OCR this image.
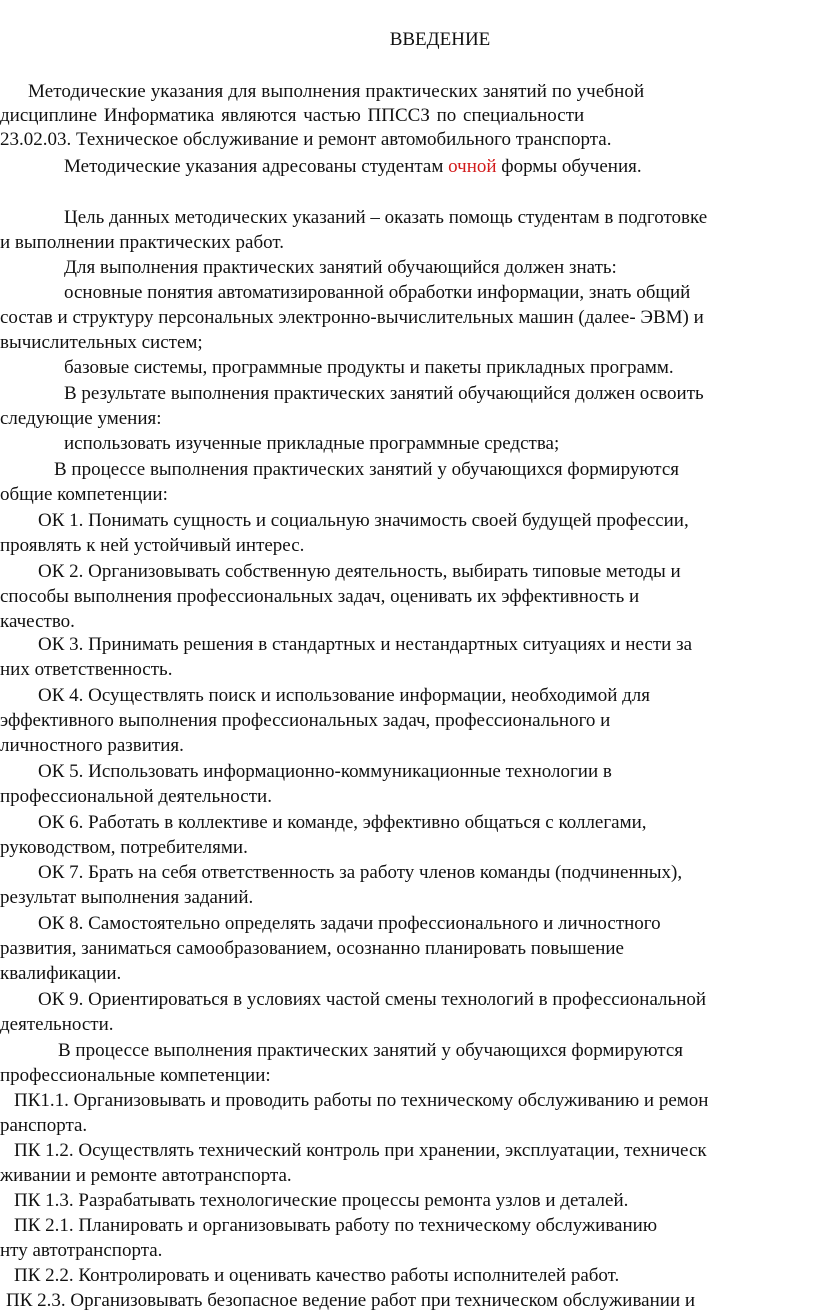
ВВЕДЕНИЕ
Методические указания для выполнения практических занятий по учебной
дисциплине Информатика являются частью ППССЗ по специальности
23.02.03. Техническое обслуживание и ремонт автомобильного транспорта.
Методические указания адресованы студентам очной формы обучения.
Цель данных методических указаний – оказать помощь студентам в подготовке
и выполнении практических работ.
Для выполнения практических занятий обучающийся должен знать:
основные понятия автоматизированной обработки информации, знать общий
состав и структуру персональных электронно-вычислительных машин (далее- ЭВМ) и
вычислительных систем;
базовые системы, программные продукты и пакеты прикладных программ.
В результате выполнения практических занятий обучающийся должен освоить
следующие умения:
использовать изученные прикладные программные средства;
В процессе выполнения практических занятий у обучающихся формируются
общие компетенции:
ОК 1. Понимать сущность и социальную значимость своей будущей профессии,
проявлять к ней устойчивый интерес.
ОК 2. Организовывать собственную деятельность, выбирать типовые методы и
способы выполнения профессиональных задач, оценивать их эффективность и
качество.
ОК 3. Принимать решения в стандартных и нестандартных ситуациях и нести за
них ответственность.
ОК 4. Осуществлять поиск и использование информации, необходимой для
эффективного выполнения профессиональных задач, профессионального и
личностного развития.
ОК 5. Использовать информационно-коммуникационные технологии в
профессиональной деятельности.
ОК 6. Работать в коллективе и команде, эффективно общаться с коллегами,
руководством, потребителями.
ОК 7. Брать на себя ответственность за работу членов команды (подчиненных),
результат выполнения заданий.
ОК 8. Самостоятельно определять задачи профессионального и личностного
развития, заниматься самообразованием, осознанно планировать повышение
квалификации.
ОК 9. Ориентироваться в условиях частой смены технологий в профессиональной
деятельности.
В процессе выполнения практических занятий у обучающихся формируются
профессиональные компетенции:
ПК1.1. Организовывать и проводить работы по техническому обслуживанию и ремон
ранспорта.
ПК 1.2. Осуществлять технический контроль при хранении, эксплуатации, техническ
живании и ремонте автотранспорта.
ПК 1.3. Разрабатывать технологические процессы ремонта узлов и деталей.
ПК 2.1. Планировать и организовывать работу по техническому обслуживанию
нту автотранспорта.
ПК 2.2. Контролировать и оценивать качество работы исполнителей работ.
ПК 2.3. Организовывать безопасное ведение работ при техническом обслуживании и
